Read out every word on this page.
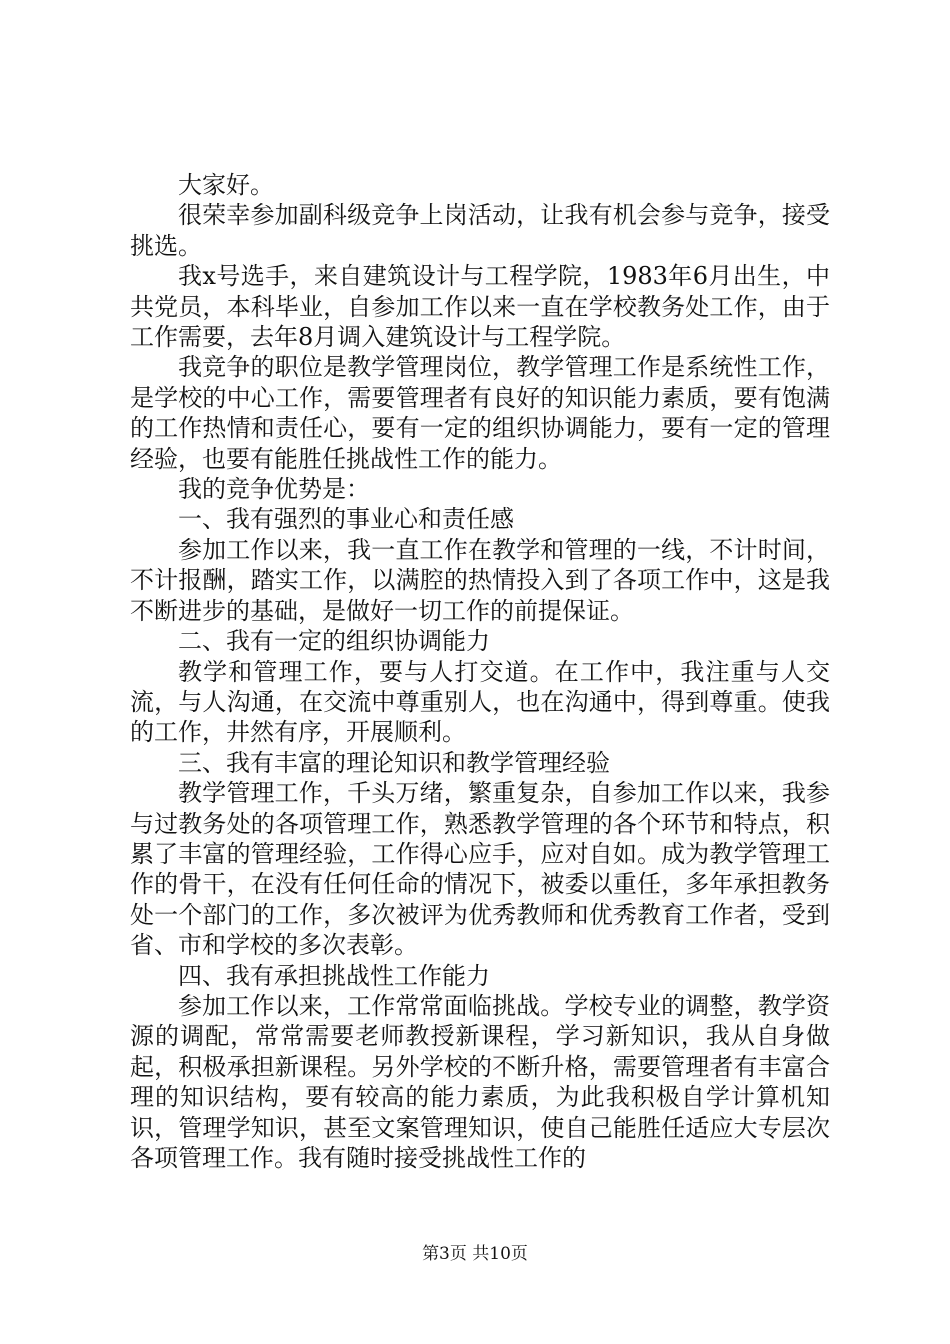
大家好。

很荣幸参加副科级竞争上岗活动，让我有机会参与竞争，接受挑选。

我x号选手，来自建筑设计与工程学院，1983年6月出生，中共党员，本科毕业，自参加工作以来一直在学校教务处工作，由于工作需要，去年8月调入建筑设计与工程学院。

我竞争的职位是教学管理岗位，教学管理工作是系统性工作，是学校的中心工作，需要管理者有良好的知识能力素质，要有饱满的工作热情和责任心，要有一定的组织协调能力，要有一定的管理经验，也要有能胜任挑战性工作的能力。

我的竞争优势是：

一、我有强烈的事业心和责任感

参加工作以来，我一直工作在教学和管理的一线，不计时间，不计报酬，踏实工作，以满腔的热情投入到了各项工作中，这是我不断进步的基础，是做好一切工作的前提保证。

二、我有一定的组织协调能力

教学和管理工作，要与人打交道。在工作中，我注重与人交流，与人沟通，在交流中尊重别人，也在沟通中，得到尊重。使我的工作，井然有序，开展顺利。

三、我有丰富的理论知识和教学管理经验

教学管理工作，千头万绪，繁重复杂，自参加工作以来，我参与过教务处的各项管理工作，熟悉教学管理的各个环节和特点，积累了丰富的管理经验，工作得心应手，应对自如。成为教学管理工作的骨干，在没有任何任命的情况下，被委以重任，多年承担教务处一个部门的工作，多次被评为优秀教师和优秀教育工作者，受到省、市和学校的多次表彰。

四、我有承担挑战性工作能力

参加工作以来，工作常常面临挑战。学校专业的调整，教学资源的调配，常常需要老师教授新课程，学习新知识，我从自身做起，积极承担新课程。另外学校的不断升格，需要管理者有丰富合理的知识结构，要有较高的能力素质，为此我积极自学计算机知识，管理学知识，甚至文案管理知识，使自己能胜任适应大专层次各项管理工作。我有随时接受挑战性工作的

第3页 共10页
